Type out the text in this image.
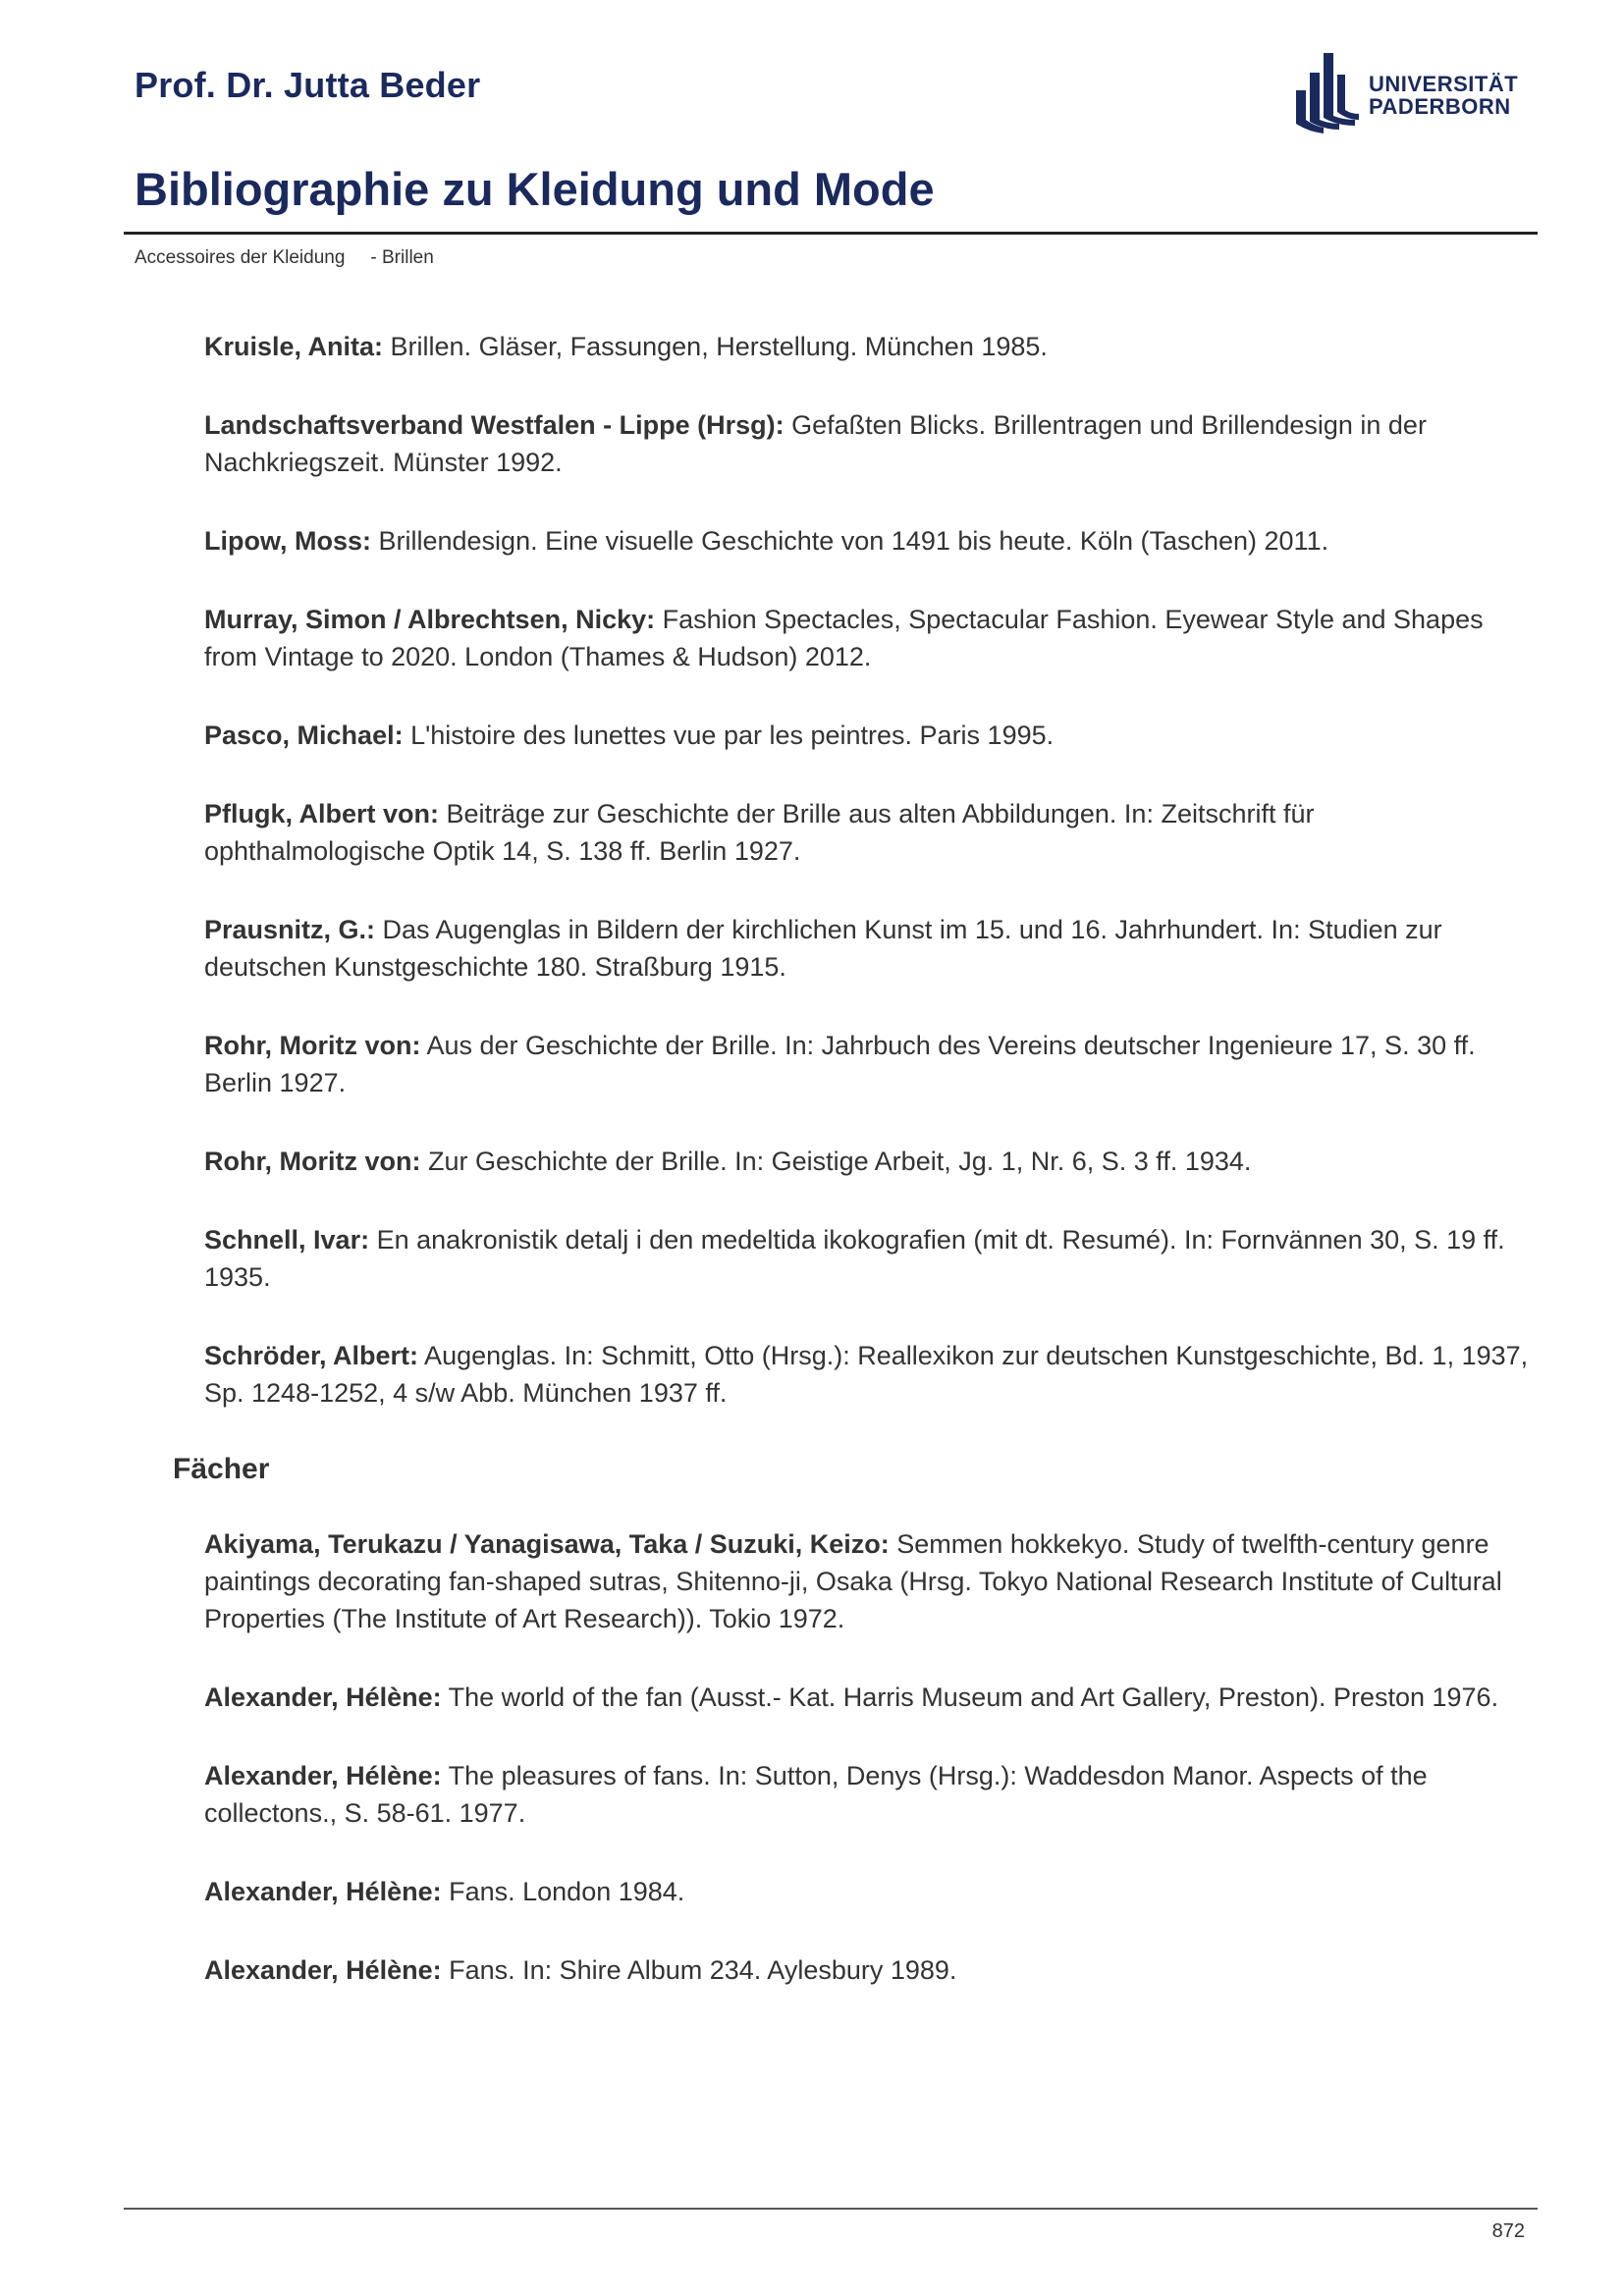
Prof. Dr. Jutta Beder	UNIVERSITÄT
PADERBORN
Bibliographie zu Kleidung und Mode
Accessoires der Kleidung - Brillen
Kruisle, Anita: Brillen. Gläser, Fassungen, Herstellung. München 1985.
Landschaftsverband Westfalen - Lippe (Hrsg): Gefaßten Blicks. Brillentragen und Brillendesign in der Nachkriegszeit. Münster 1992.
Lipow, Moss: Brillendesign. Eine visuelle Geschichte von 1491 bis heute. Köln (Taschen) 2011.
Murray, Simon / Albrechtsen, Nicky: Fashion Spectacles, Spectacular Fashion. Eyewear Style and Shapes from Vintage to 2020. London (Thames & Hudson) 2012.
Pasco, Michael: L'histoire des lunettes vue par les peintres. Paris 1995.
Pflugk, Albert von: Beiträge zur Geschichte der Brille aus alten Abbildungen. In: Zeitschrift für ophthalmologische Optik 14, S. 138 ff. Berlin 1927.
Prausnitz, G.: Das Augenglas in Bildern der kirchlichen Kunst im 15. und 16. Jahrhundert. In: Studien zur deutschen Kunstgeschichte 180. Straßburg 1915.
Rohr, Moritz von: Aus der Geschichte der Brille. In: Jahrbuch des Vereins deutscher Ingenieure 17, S. 30 ff. Berlin 1927.
Rohr, Moritz von: Zur Geschichte der Brille. In: Geistige Arbeit, Jg. 1, Nr. 6, S. 3 ff. 1934.
Schnell, Ivar: En anakronistik detalj i den medeltida ikokografien (mit dt. Resumé). In: Fornvännen 30, S. 19 ff. 1935.
Schröder, Albert: Augenglas. In: Schmitt, Otto (Hrsg.): Reallexikon zur deutschen Kunstgeschichte, Bd. 1, 1937, Sp. 1248-1252, 4 s/w Abb. München 1937 ff.
Fächer
Akiyama, Terukazu / Yanagisawa, Taka / Suzuki, Keizo: Semmen hokkekyo. Study of twelfth-century genre paintings decorating fan-shaped sutras, Shitenno-ji, Osaka (Hrsg. Tokyo National Research Institute of Cultural Properties (The Institute of Art Research)). Tokio 1972.
Alexander, Hélène: The world of the fan (Ausst.- Kat. Harris Museum and Art Gallery, Preston). Preston 1976.
Alexander, Hélène: The pleasures of fans. In: Sutton, Denys (Hrsg.): Waddesdon Manor. Aspects of the collectons., S. 58-61. 1977.
Alexander, Hélène: Fans. London 1984.
Alexander, Hélène: Fans. In: Shire Album 234. Aylesbury 1989.
872
